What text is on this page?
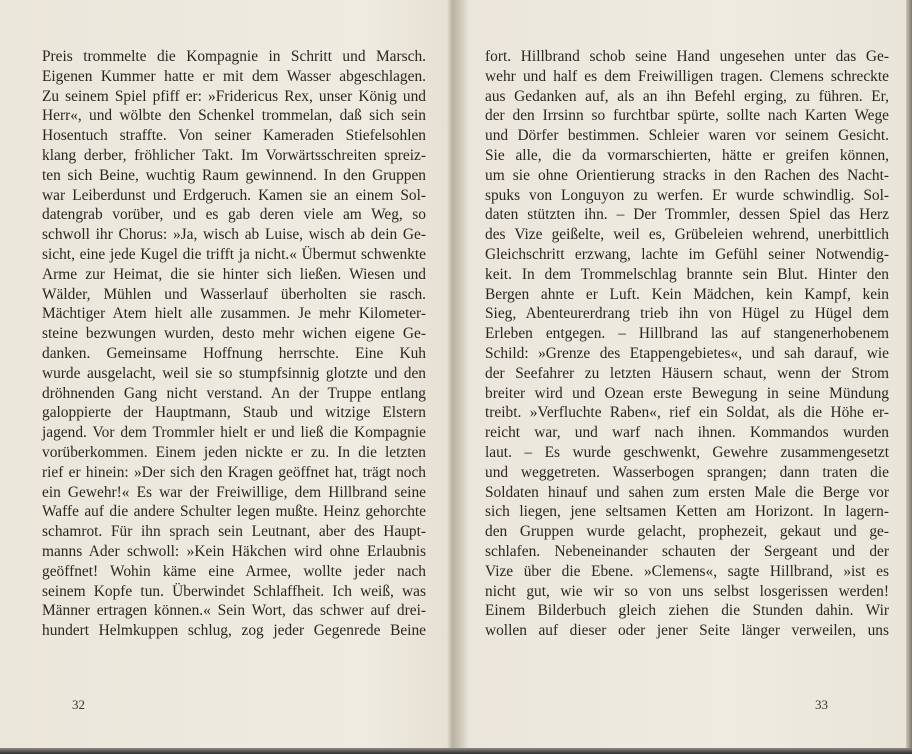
Preis trommelte die Kompagnie in Schritt und Marsch.
Eigenen Kummer hatte er mit dem Wasser abgeschlagen.
Zu seinem Spiel pfiff er: »Fridericus Rex, unser König und
Herr«, und wölbte den Schenkel trommelan, daß sich sein
Hosentuch straffte. Von seiner Kameraden Stiefelsohlen
klang derber, fröhlicher Takt. Im Vorwärtsschreiten spreiz-
ten sich Beine, wuchtig Raum gewinnend. In den Gruppen
war Leiberdunst und Erdgeruch. Kamen sie an einem Sol-
datengrab vorüber, und es gab deren viele am Weg, so
schwoll ihr Chorus: »Ja, wisch ab Luise, wisch ab dein Ge-
sicht, eine jede Kugel die trifft ja nicht.« Übermut schwenkte
Arme zur Heimat, die sie hinter sich ließen. Wiesen und
Wälder, Mühlen und Wasserlauf überholten sie rasch.
Mächtiger Atem hielt alle zusammen. Je mehr Kilometer-
steine bezwungen wurden, desto mehr wichen eigene Ge-
danken. Gemeinsame Hoffnung herrschte. Eine Kuh
wurde ausgelacht, weil sie so stumpfsinnig glotzte und den
dröhnenden Gang nicht verstand. An der Truppe entlang
galoppierte der Hauptmann, Staub und witzige Elstern
jagend. Vor dem Trommler hielt er und ließ die Kompagnie
vorüberkommen. Einem jeden nickte er zu. In die letzten
rief er hinein: »Der sich den Kragen geöffnet hat, trägt noch
ein Gewehr!« Es war der Freiwillige, dem Hillbrand seine
Waffe auf die andere Schulter legen mußte. Heinz gehorchte
schamrot. Für ihn sprach sein Leutnant, aber des Haupt-
manns Ader schwoll: »Kein Häkchen wird ohne Erlaubnis
geöffnet! Wohin käme eine Armee, wollte jeder nach
seinem Kopfe tun. Überwindet Schlaffheit. Ich weiß, was
Männer ertragen können.« Sein Wort, das schwer auf drei-
hundert Helmkuppen schlug, zog jeder Gegenrede Beine
32
fort. Hillbrand schob seine Hand ungesehen unter das Ge-
wehr und half es dem Freiwilligen tragen. Clemens schreckte
aus Gedanken auf, als an ihn Befehl erging, zu führen. Er,
der den Irrsinn so furchtbar spürte, sollte nach Karten Wege
und Dörfer bestimmen. Schleier waren vor seinem Gesicht.
Sie alle, die da vormarschierten, hätte er greifen können,
um sie ohne Orientierung stracks in den Rachen des Nacht-
spuks von Longuyon zu werfen. Er wurde schwindlig. Sol-
daten stützten ihn. – Der Trommler, dessen Spiel das Herz
des Vize geißelte, weil es, Grübeleien wehrend, unerbittlich
Gleichschritt erzwang, lachte im Gefühl seiner Notwendig-
keit. In dem Trommelschlag brannte sein Blut. Hinter den
Bergen ahnte er Luft. Kein Mädchen, kein Kampf, kein
Sieg, Abenteurerdrang trieb ihn von Hügel zu Hügel dem
Erleben entgegen. – Hillbrand las auf stangenerhobenem
Schild: »Grenze des Etappengebietes«, und sah darauf, wie
der Seefahrer zu letzten Häusern schaut, wenn der Strom
breiter wird und Ozean erste Bewegung in seine Mündung
treibt. »Verfluchte Raben«, rief ein Soldat, als die Höhe er-
reicht war, und warf nach ihnen. Kommandos wurden
laut. – Es wurde geschwenkt, Gewehre zusammengesetzt
und weggetreten. Wasserbogen sprangen; dann traten die
Soldaten hinauf und sahen zum ersten Male die Berge vor
sich liegen, jene seltsamen Ketten am Horizont. In lagern-
den Gruppen wurde gelacht, prophezeit, gekaut und ge-
schlafen. Nebeneinander schauten der Sergeant und der
Vize über die Ebene. »Clemens«, sagte Hillbrand, »ist es
nicht gut, wie wir so von uns selbst losgerissen werden!
Einem Bilderbuch gleich ziehen die Stunden dahin. Wir
wollen auf dieser oder jener Seite länger verweilen, uns
33
